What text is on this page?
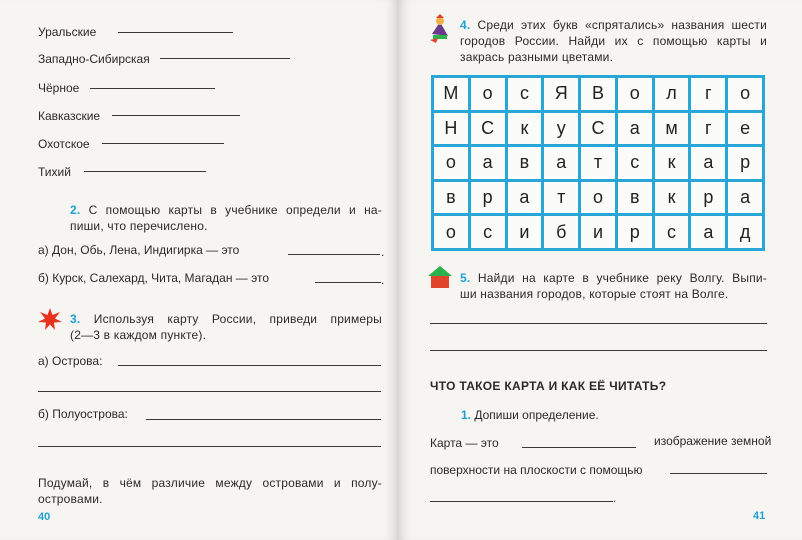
Уральские
Западно-Сибирская
Чёрное
Кавказские
Охотское
Тихий
2. С помощью карты в учебнике определи и на-
пиши, что перечислено.
а) Дон, Обь, Лена, Индигирка — это	.
б) Курск, Салехард, Чита, Магадан — это	.
3. Используя карту России, приведи примеры
(2—3 в каждом пункте).
а) Острова:
б) Полуострова:
Подумай, в чём различие между островами и полу-
островами.
40
4. Среди этих букв «спрятались» названия шести
городов России. Найди их с помощью карты и
закрась разными цветами.
М	о	с	Я	В	о	л	г	о
Н	С	к	у	С	а	м	г	е
о	а	в	а	т	с	к	а	р
в	р	а	т	о	в	к	р	а
о	с	и	б	и	р	с	а	д
5. Найди на карте в учебнике реку Волгу. Выпи-
ши названия городов, которые стоят на Волге.
ЧТО ТАКОЕ КАРТА И КАК ЕЁ ЧИТАТЬ?
1. Допиши определение.
Карта — это	изображение земной
поверхности на плоскости с помощью
.
41
